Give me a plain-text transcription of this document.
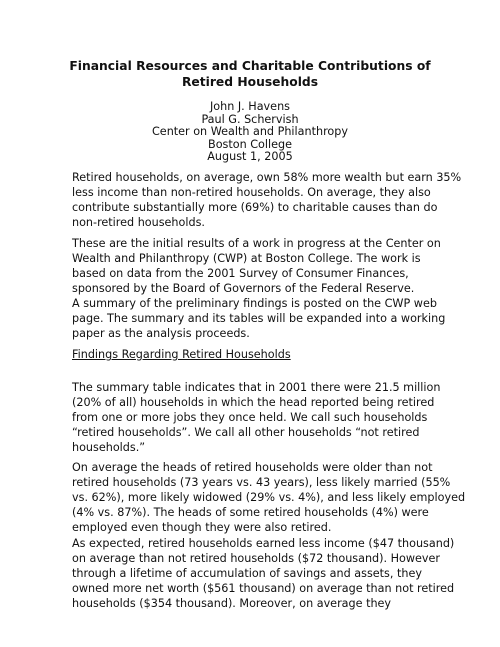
Financial Resources and Charitable Contributions of
Retired Households
John J. Havens
Paul G. Schervish
Center on Wealth and Philanthropy
Boston College
August 1, 2005
Retired households, on average, own 58% more wealth but earn 35%
less income than non-retired households. On average, they also
contribute substantially more (69%) to charitable causes than do
non-retired households.
These are the initial results of a work in progress at the Center on
Wealth and Philanthropy (CWP) at Boston College. The work is
based on data from the 2001 Survey of Consumer Finances,
sponsored by the Board of Governors of the Federal Reserve.
A summary of the preliminary findings is posted on the CWP web
page. The summary and its tables will be expanded into a working
paper as the analysis proceeds.
Findings Regarding Retired Households
The summary table indicates that in 2001 there were 21.5 million
(20% of all) households in which the head reported being retired
from one or more jobs they once held. We call such households
“retired households”. We call all other households “not retired
households.”
On average the heads of retired households were older than not
retired households (73 years vs. 43 years), less likely married (55%
vs. 62%), more likely widowed (29% vs. 4%), and less likely employed
(4% vs. 87%). The heads of some retired households (4%) were
employed even though they were also retired.
As expected, retired households earned less income ($47 thousand)
on average than not retired households ($72 thousand). However
through a lifetime of accumulation of savings and assets, they
owned more net worth ($561 thousand) on average than not retired
households ($354 thousand). Moreover, on average they
